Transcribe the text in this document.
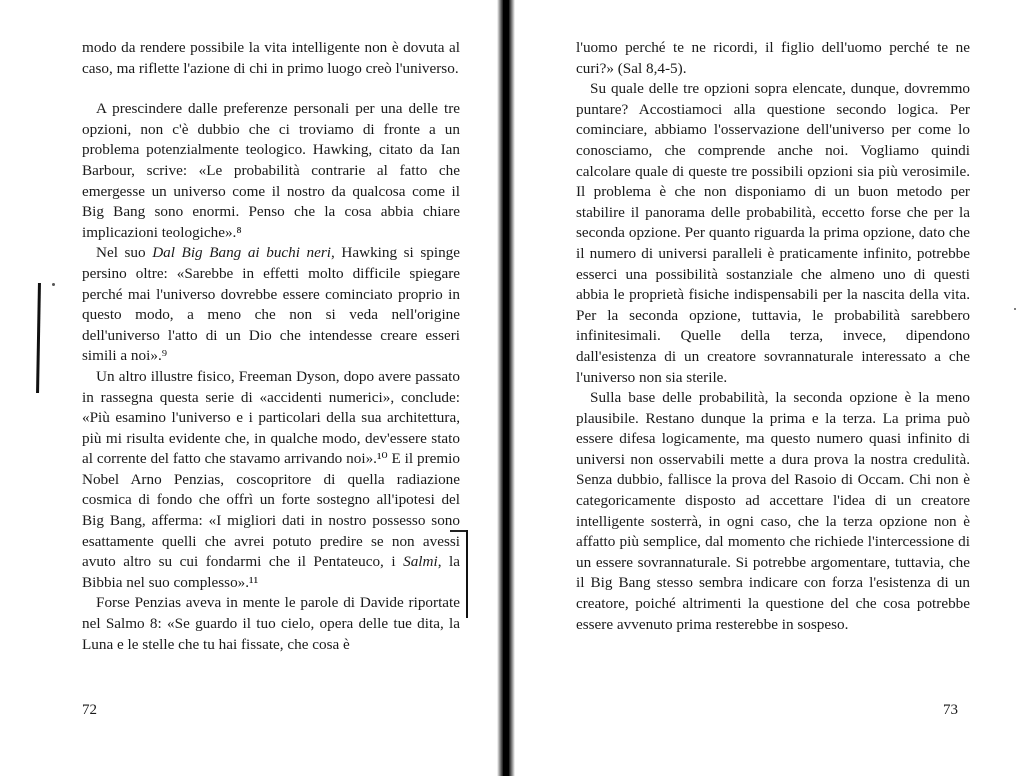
modo da rendere possibile la vita intelligente non è dovuta al caso, ma riflette l'azione di chi in primo luogo creò l'universo.

A prescindere dalle preferenze personali per una delle tre opzioni, non c'è dubbio che ci troviamo di fronte a un problema potenzialmente teologico. Hawking, citato da Ian Barbour, scrive: «Le probabilità contrarie al fatto che emergesse un universo come il nostro da qualcosa come il Big Bang sono enormi. Penso che la cosa abbia chiare implicazioni teologiche».⁸

Nel suo Dal Big Bang ai buchi neri, Hawking si spinge persino oltre: «Sarebbe in effetti molto difficile spiegare perché mai l'universo dovrebbe essere cominciato proprio in questo modo, a meno che non si veda nell'origine dell'universo l'atto di un Dio che intendesse creare esseri simili a noi».⁹

Un altro illustre fisico, Freeman Dyson, dopo avere passato in rassegna questa serie di «accidenti numerici», conclude: «Più esamino l'universo e i particolari della sua architettura, più mi risulta evidente che, in qualche modo, dev'essere stato al corrente del fatto che stavamo arrivando noi».¹⁰ E il premio Nobel Arno Penzias, coscopritore di quella radiazione cosmica di fondo che offrì un forte sostegno all'ipotesi del Big Bang, afferma: «I migliori dati in nostro possesso sono esattamente quelli che avrei potuto predire se non avessi avuto altro su cui fondarmi che il Pentateuco, i Salmi, la Bibbia nel suo complesso».¹¹

Forse Penzias aveva in mente le parole di Davide riportate nel Salmo 8: «Se guardo il tuo cielo, opera delle tue dita, la Luna e le stelle che tu hai fissate, che cosa è

72

l'uomo perché te ne ricordi, il figlio dell'uomo perché te ne curi?» (Sal 8,4-5).

Su quale delle tre opzioni sopra elencate, dunque, dovremmo puntare? Accostiamoci alla questione secondo logica. Per cominciare, abbiamo l'osservazione dell'universo per come lo conosciamo, che comprende anche noi. Vogliamo quindi calcolare quale di queste tre possibili opzioni sia più verosimile. Il problema è che non disponiamo di un buon metodo per stabilire il panorama delle probabilità, eccetto forse che per la seconda opzione. Per quanto riguarda la prima opzione, dato che il numero di universi paralleli è praticamente infinito, potrebbe esserci una possibilità sostanziale che almeno uno di questi abbia le proprietà fisiche indispensabili per la nascita della vita. Per la seconda opzione, tuttavia, le probabilità sarebbero infinitesimali. Quelle della terza, invece, dipendono dall'esistenza di un creatore sovrannaturale interessato a che l'universo non sia sterile.

Sulla base delle probabilità, la seconda opzione è la meno plausibile. Restano dunque la prima e la terza. La prima può essere difesa logicamente, ma questo numero quasi infinito di universi non osservabili mette a dura prova la nostra credulità. Senza dubbio, fallisce la prova del Rasoio di Occam. Chi non è categoricamente disposto ad accettare l'idea di un creatore intelligente sosterrà, in ogni caso, che la terza opzione non è affatto più semplice, dal momento che richiede l'intercessione di un essere sovrannaturale. Si potrebbe argomentare, tuttavia, che il Big Bang stesso sembra indicare con forza l'esistenza di un creatore, poiché altrimenti la questione del che cosa potrebbe essere avvenuto prima resterebbe in sospeso.

73
